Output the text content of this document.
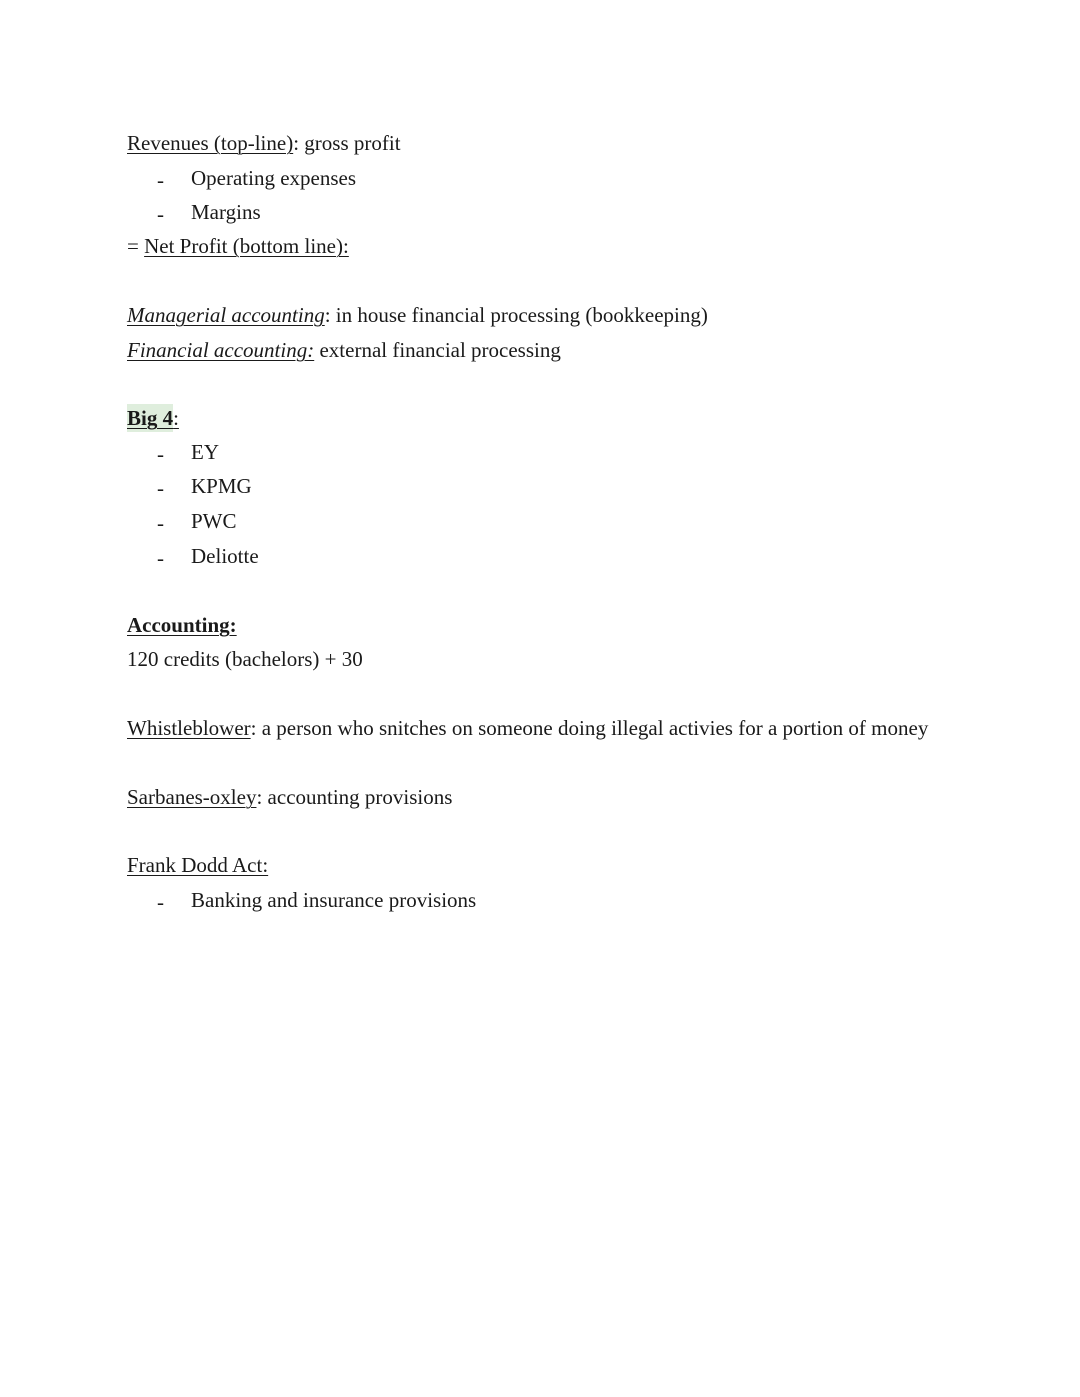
Revenues (top-line): gross profit
- Operating expenses
- Margins
= Net Profit (bottom line):
Managerial accounting: in house financial processing (bookkeeping)
Financial accounting: external financial processing
Big 4:
- EY
- KPMG
- PWC
- Deliotte
Accounting:
120 credits (bachelors) + 30
Whistleblower: a person who snitches on someone doing illegal activies for a portion of money
Sarbanes-oxley: accounting provisions
Frank Dodd Act:
- Banking and insurance provisions
